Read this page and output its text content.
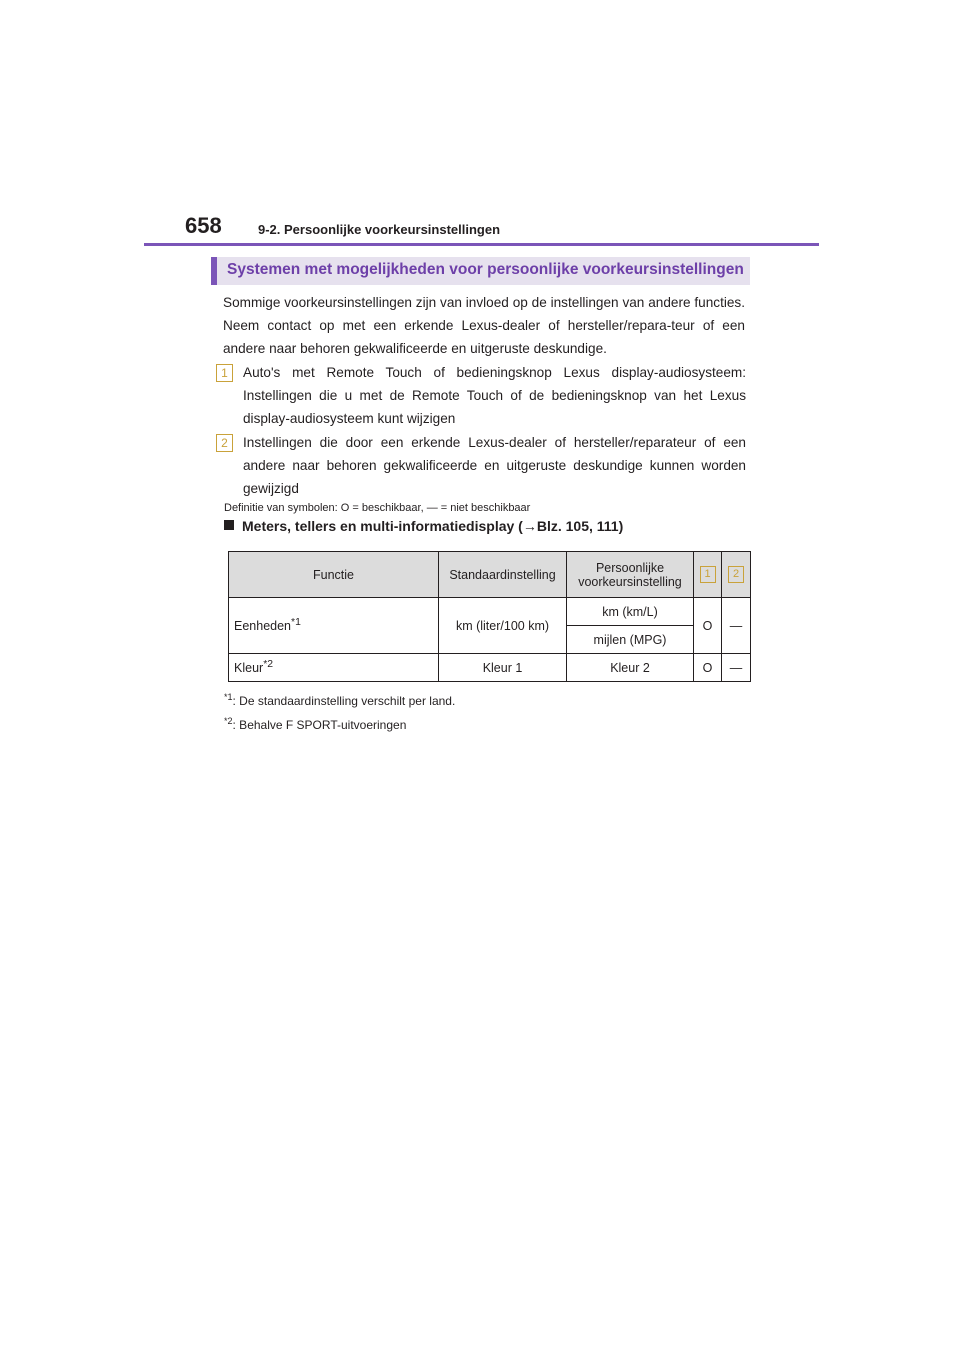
658	9-2. Persoonlijke voorkeursinstellingen
Systemen met mogelijkheden voor persoonlijke voorkeursinstellingen
Sommige voorkeursinstellingen zijn van invloed op de instellingen van andere functies. Neem contact op met een erkende Lexus-dealer of hersteller/repara-teur of een andere naar behoren gekwalificeerde en uitgeruste deskundige.
1	Auto's met Remote Touch of bedieningsknop Lexus display-audiosysteem: Instellingen die u met de Remote Touch of de bedieningsknop van het Lexus display-audiosysteem kunt wijzigen
2	Instellingen die door een erkende Lexus-dealer of hersteller/reparateur of een andere naar behoren gekwalificeerde en uitgeruste deskundige kunnen worden gewijzigd
Definitie van symbolen: O = beschikbaar, — = niet beschikbaar
Meters, tellers en multi-informatiedisplay (→Blz. 105, 111)
Functie	Standaardinstelling	Persoonlijke voorkeursinstelling	1	2
Eenheden$^{*1}$	km (liter/100 km)	km (km/L)	O	—
		mijlen (MPG)		
Kleur$^{*2}$	Kleur 1	Kleur 2	O	—
$^{*1}$: De standaardinstelling verschilt per land.
$^{*2}$: Behalve F SPORT-uitvoeringen
